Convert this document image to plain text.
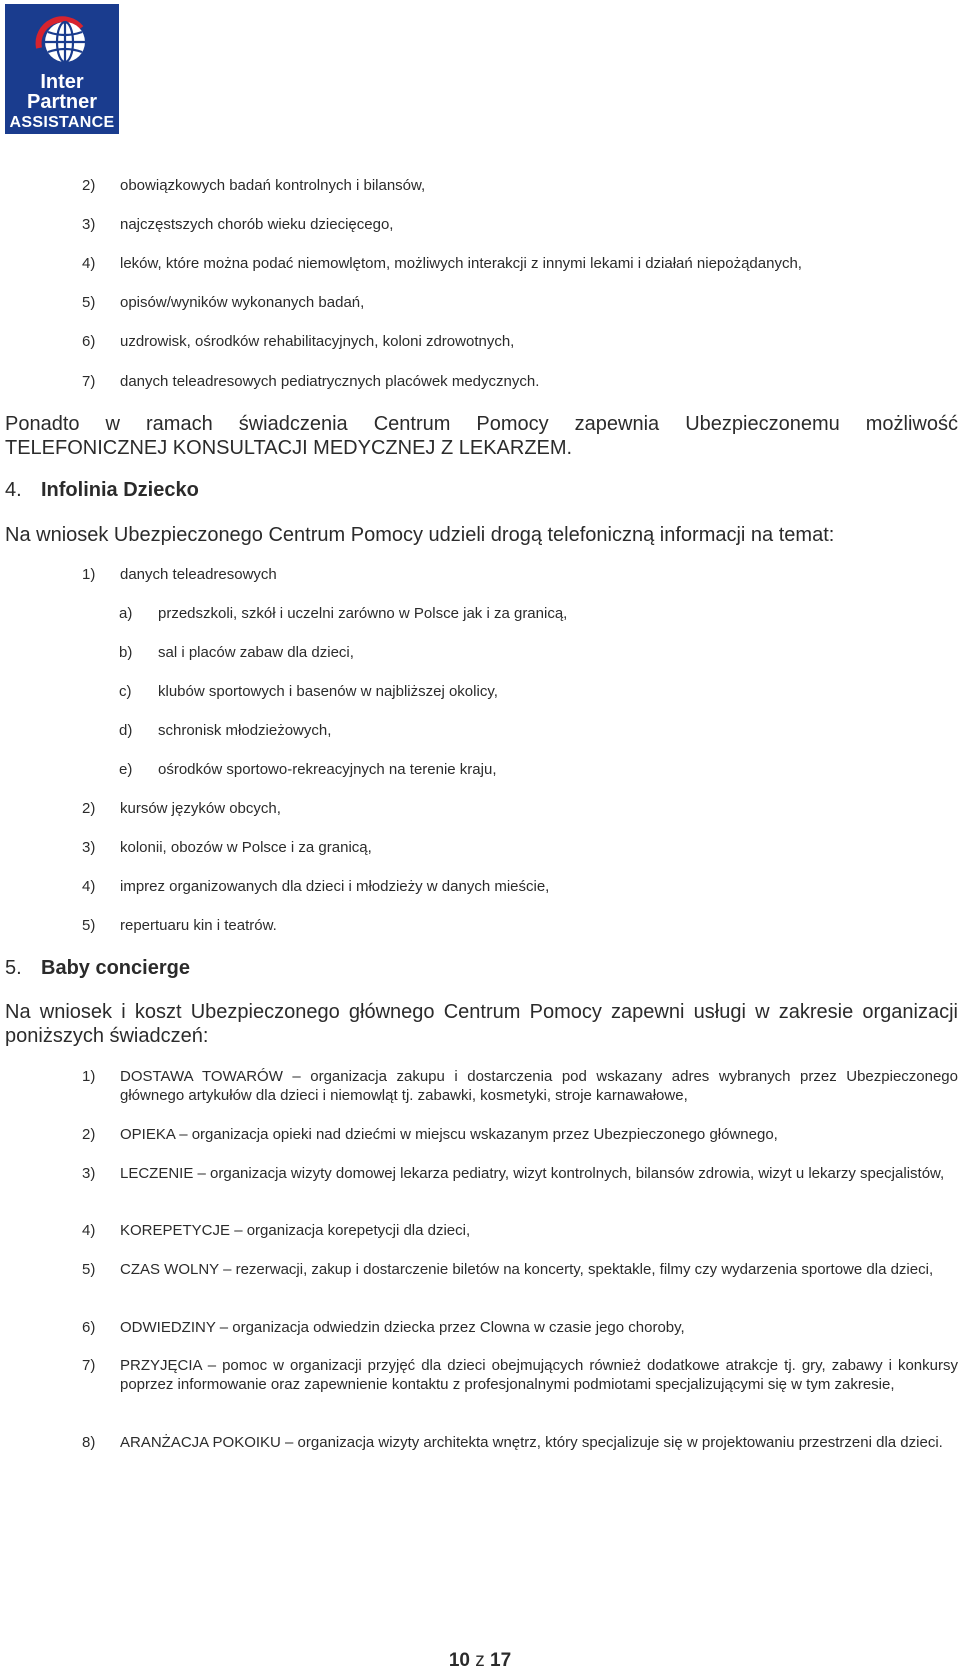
Inter
Partner
ASSISTANCE
2) obowiązkowych badań kontrolnych i bilansów,
3) najczęstszych chorób wieku dziecięcego,
4) leków, które można podać niemowlętom, możliwych interakcji z innymi lekami i działań niepożądanych,
5) opisów/wyników wykonanych badań,
6) uzdrowisk, ośrodków rehabilitacyjnych, koloni zdrowotnych,
7) danych teleadresowych pediatrycznych placówek medycznych.
Ponadto w ramach świadczenia Centrum Pomocy zapewnia Ubezpieczonemu możliwość TELEFONICZNEJ KONSULTACJI MEDYCZNEJ Z LEKARZEM.
4. Infolinia Dziecko
Na wniosek Ubezpieczonego Centrum Pomocy udzieli drogą telefoniczną informacji na temat:
1) danych teleadresowych
a) przedszkoli, szkół i uczelni zarówno w Polsce jak i za granicą,
b) sal i placów zabaw dla dzieci,
c) klubów sportowych i basenów w najbliższej okolicy,
d) schronisk młodzieżowych,
e) ośrodków sportowo-rekreacyjnych na terenie kraju,
2) kursów języków obcych,
3) kolonii, obozów w Polsce i za granicą,
4) imprez organizowanych dla dzieci i młodzieży w danych mieście,
5) repertuaru kin i teatrów.
5. Baby concierge
Na wniosek i koszt Ubezpieczonego głównego Centrum Pomocy zapewni usługi w zakresie organizacji poniższych świadczeń:
1) DOSTAWA TOWARÓW – organizacja zakupu i dostarczenia pod wskazany adres wybranych przez Ubezpieczonego głównego artykułów dla dzieci i niemowląt tj. zabawki, kosmetyki, stroje karnawałowe,
2) OPIEKA – organizacja opieki nad dziećmi w miejscu wskazanym przez Ubezpieczonego głównego,
3) LECZENIE – organizacja wizyty domowej lekarza pediatry, wizyt kontrolnych, bilansów zdrowia, wizyt u lekarzy specjalistów,
4) KOREPETYCJE – organizacja korepetycji dla dzieci,
5) CZAS WOLNY – rezerwacji, zakup i dostarczenie biletów na koncerty, spektakle, filmy czy wydarzenia sportowe dla dzieci,
6) ODWIEDZINY – organizacja odwiedzin dziecka przez Clowna w czasie jego choroby,
7) PRZYJĘCIA – pomoc w organizacji przyjęć dla dzieci obejmujących również dodatkowe atrakcje tj. gry, zabawy i konkursy poprzez informowanie oraz zapewnienie kontaktu z profesjonalnymi podmiotami specjalizującymi się w tym zakresie,
8) ARANŻACJA POKOIKU – organizacja wizyty architekta wnętrz, który specjalizuje się w projektowaniu przestrzeni dla dzieci.
10 z 17
